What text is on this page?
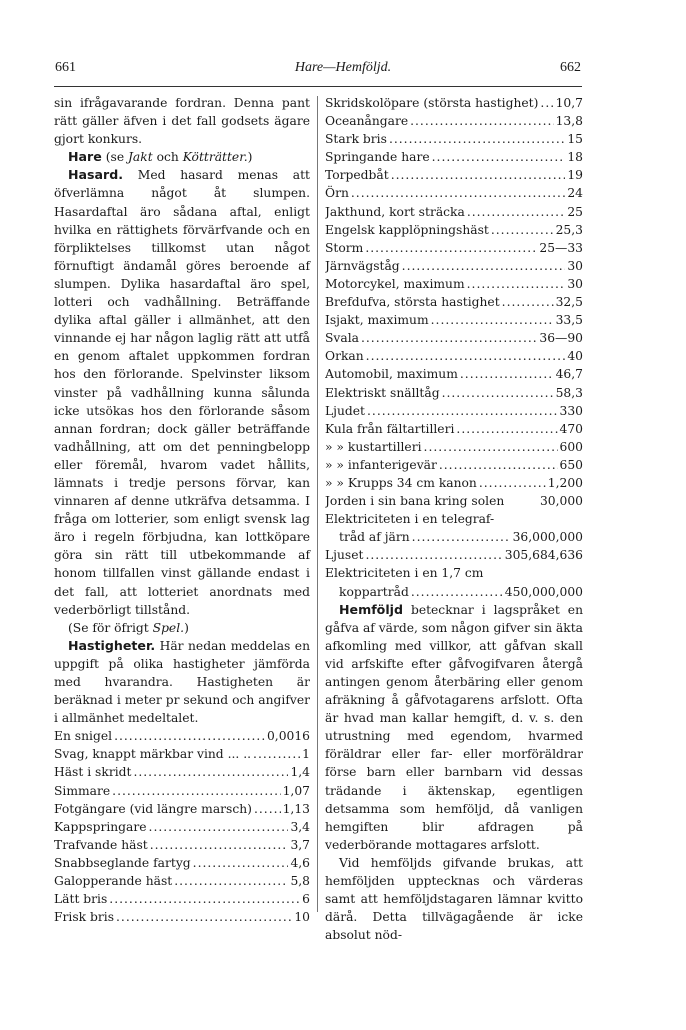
661	Hare—Hemföljd.	662

sin ifrågavarande fordran. Denna pant rätt gäller äfven i det fall godsets ägare gjort konkurs.

Hare (se Jakt och Kötträtter.)

Hasard. Med hasard menas att öfverlämna något åt slumpen. Hasardaftal äro sådana aftal, enligt hvilka en rättighets förvärfvande och en förpliktelses tillkomst utan något förnuftigt ändamål göres beroende af slumpen. Dylika hasardaftal äro spel, lotteri och vadhållning. Beträffande dylika aftal gäller i allmänhet, att den vinnande ej har någon laglig rätt att utfå en genom aftalet uppkommen fordran hos den förlorande. Spelvinster liksom vinster på vadhållning kunna sålunda icke utsökas hos den förlorande såsom annan fordran; dock gäller beträffande vadhållning, att om det penningbelopp eller föremål, hvarom vadet hållits, lämnats i tredje persons förvar, kan vinnaren af denne utkräfva detsamma. I fråga om lotterier, som enligt svensk lag äro i regeln förbjudna, kan lottköpare göra sin rätt till utbekommande af honom tillfallen vinst gällande endast i det fall, att lotteriet anordnats med vederbörligt tillstånd.

(Se för öfrigt Spel.)

Hastigheter. Här nedan meddelas en uppgift på olika hastigheter jämförda med hvarandra. Hastigheten är beräknad i meter pr sekund och angifver i allmänhet medeltalet.

En snigel .....	0,0016
Svag, knappt märkbar vind ... .. .....	1
Häst i skridt .....	1,4
Simmare .....	1,07
Fotgängare (vid längre marsch) ..... 1,13
Kappspringare .....	3,4
Trafvande häst .....	3,7
Snabbseglande fartyg .....	4,6
Galopperande häst .....	5,8
Lätt bris .....	6
Frisk bris .....	10
Skridskolöpare (största hastighet) ..... 10,7
Oceanångare .....	13,8
Stark bris .....	15
Springande hare .....	18
Torpedbåt .....	19
Örn .....	24
Jakthund, kort sträcka .....	25
Engelsk kapplöpningshäst .....	25,3
Storm .....	25—33
Järnvägståg .....	30
Motorcykel, maximum .....	30
Brefdufva, största hastighet .....	32,5
Isjakt, maximum .....	33,5
Svala .....	36—90
Orkan .....	40
Automobil, maximum .....	46,7
Elektriskt snälltåg .....	58,3
Ljudet .....	330
Kula från fältartilleri .....	470
» » kustartilleri .....	600
» » infanterigevär .....	650
» » Krupps 34 cm kanon .....	1,200
Jorden i sin bana kring solen	30,000
Elektriciteten i en telegraf-
tråd af järn .....	36,000,000
Ljuset .....	305,684,636
Elektriciteten i en 1,7 cm
koppartråd .....	450,000,000

Hemföljd betecknar i lagspråket en gåfva af värde, som någon gifver sin äkta afkomling med villkor, att gåfvan skall vid arfskifte efter gåfvogifvaren återgå antingen genom återbäring eller genom afräkning å gåfvotagarens arfslott. Ofta är hvad man kallar hemgift, d. v. s. den utrustning med egendom, hvarmed föräldrar eller far- eller morföräldrar förse barn eller barnbarn vid dessas trädande i äktenskap, egentligen detsamma som hemföljd, då vanligen hemgiften blir afdragen på vederbörande mottagares arfslott.

Vid hemföljds gifvande brukas, att hemföljden upptecknas och värderas samt att hemföljdstagaren lämnar kvitto därå. Detta tillvägagående är icke absolut nöd-
